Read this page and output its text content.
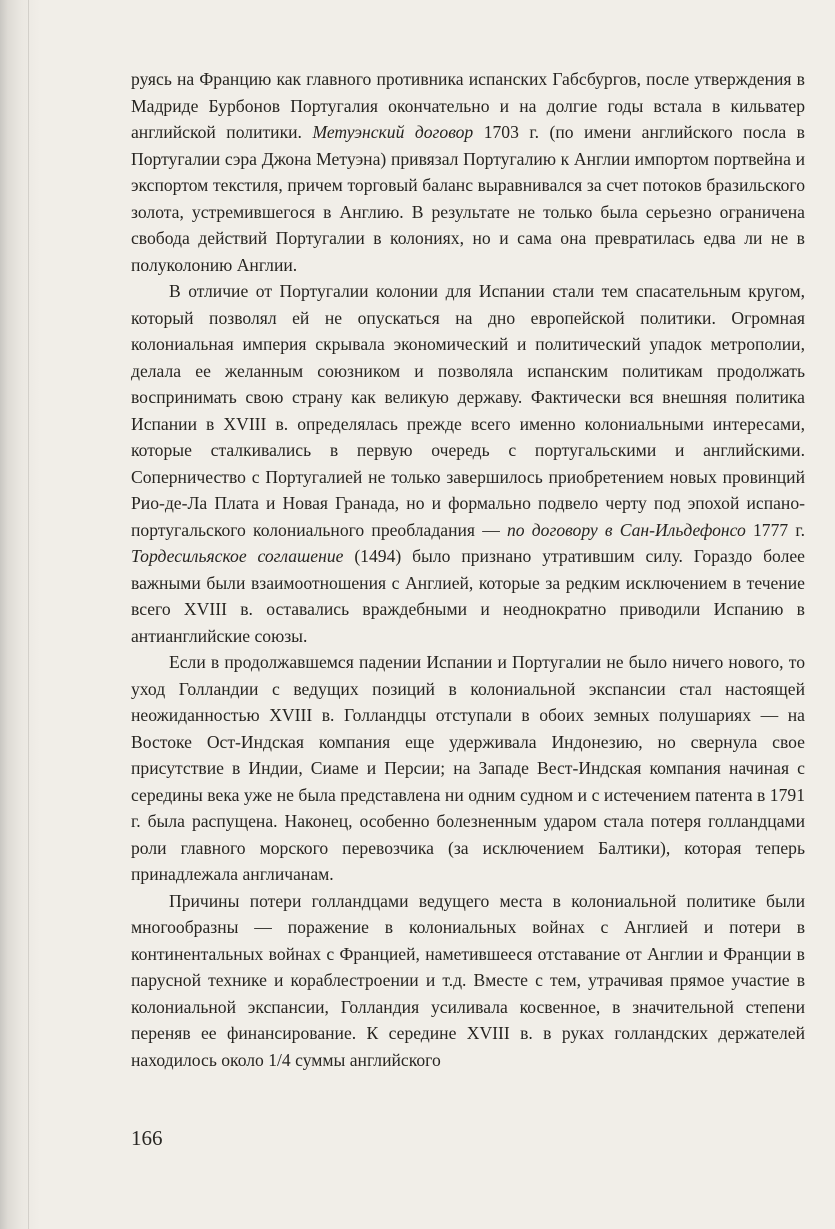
руясь на Францию как главного противника испанских Габсбургов, после утверждения в Мадриде Бурбонов Португалия окончательно и на долгие годы встала в кильватер английской политики. Метуэнский договор 1703 г. (по имени английского посла в Португалии сэра Джона Метуэна) привязал Португалию к Англии импортом портвейна и экспортом текстиля, причем торговый баланс выравнивался за счет потоков бразильского золота, устремившегося в Англию. В результате не только была серьезно ограничена свобода действий Португалии в колониях, но и сама она превратилась едва ли не в полуколонию Англии.

В отличие от Португалии колонии для Испании стали тем спасательным кругом, который позволял ей не опускаться на дно европейской политики. Огромная колониальная империя скрывала экономический и политический упадок метрополии, делала ее желанным союзником и позволяла испанским политикам продолжать воспринимать свою страну как великую державу. Фактически вся внешняя политика Испании в XVIII в. определялась прежде всего именно колониальными интересами, которые сталкивались в первую очередь с португальскими и английскими. Соперничество с Португалией не только завершилось приобретением новых провинций Рио-де-Ла Плата и Новая Гранада, но и формально подвело черту под эпохой испано-португальского колониального преобладания — по договору в Сан-Ильдефонсо 1777 г. Тордесильяское соглашение (1494) было признано утратившим силу. Гораздо более важными были взаимоотношения с Англией, которые за редким исключением в течение всего XVIII в. оставались враждебными и неоднократно приводили Испанию в антианглийские союзы.

Если в продолжавшемся падении Испании и Португалии не было ничего нового, то уход Голландии с ведущих позиций в колониальной экспансии стал настоящей неожиданностью XVIII в. Голландцы отступали в обоих земных полушариях — на Востоке Ост-Индская компания еще удерживала Индонезию, но свернула свое присутствие в Индии, Сиаме и Персии; на Западе Вест-Индская компания начиная с середины века уже не была представлена ни одним судном и с истечением патента в 1791 г. была распущена. Наконец, особенно болезненным ударом стала потеря голландцами роли главного морского перевозчика (за исключением Балтики), которая теперь принадлежала англичанам.

Причины потери голландцами ведущего места в колониальной политике были многообразны — поражение в колониальных войнах с Англией и потери в континентальных войнах с Францией, наметившееся отставание от Англии и Франции в парусной технике и кораблестроении и т.д. Вместе с тем, утрачивая прямое участие в колониальной экспансии, Голландия усиливала косвенное, в значительной степени переняв ее финансирование. К середине XVIII в. в руках голландских держателей находилось около 1/4 суммы английского

166
